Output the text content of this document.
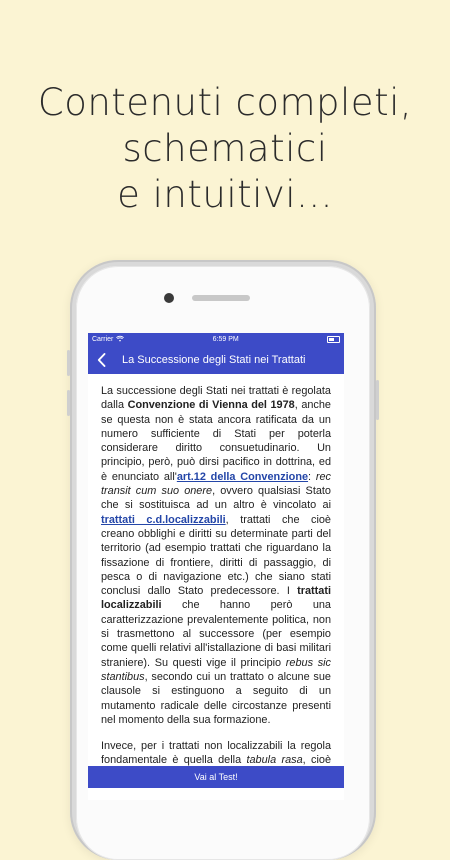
Contenuti completi,
schematici
e intuitivi...
Carrier	6:59 PM
La Successione degli Stati nei Trattati

La successione degli Stati nei trattati è regolata dalla Convenzione di Vienna del 1978, anche se questa non è stata ancora ratificata da un numero sufficiente di Stati per poterla considerare diritto consuetudinario. Un principio, però, può dirsi pacifico in dottrina, ed è enunciato all'art.12 della Convenzione: rec transit cum suo onere, ovvero qualsiasi Stato che si sostituisca ad un altro è vincolato ai trattati c.d.localizzabili, trattati che cioè creano obblighi e diritti su determinate parti del territorio (ad esempio trattati che riguardano la fissazione di frontiere, diritti di passaggio, di pesca o di navigazione etc.) che siano stati conclusi dallo Stato predecessore. I trattati localizzabili che hanno però una caratterizzazione prevalentemente politica, non si trasmettono al successore (per esempio come quelli relativi all'istallazione di basi militari straniere). Su questi vige il principio rebus sic stantibus, secondo cui un trattato o alcune sue clausole si estinguono a seguito di un mutamento radicale delle circostanze presenti nel momento della sua formazione.

Invece, per i trattati non localizzabili la regola fondamentale è quella della tabula rasa, cioè

Vai al Test!
